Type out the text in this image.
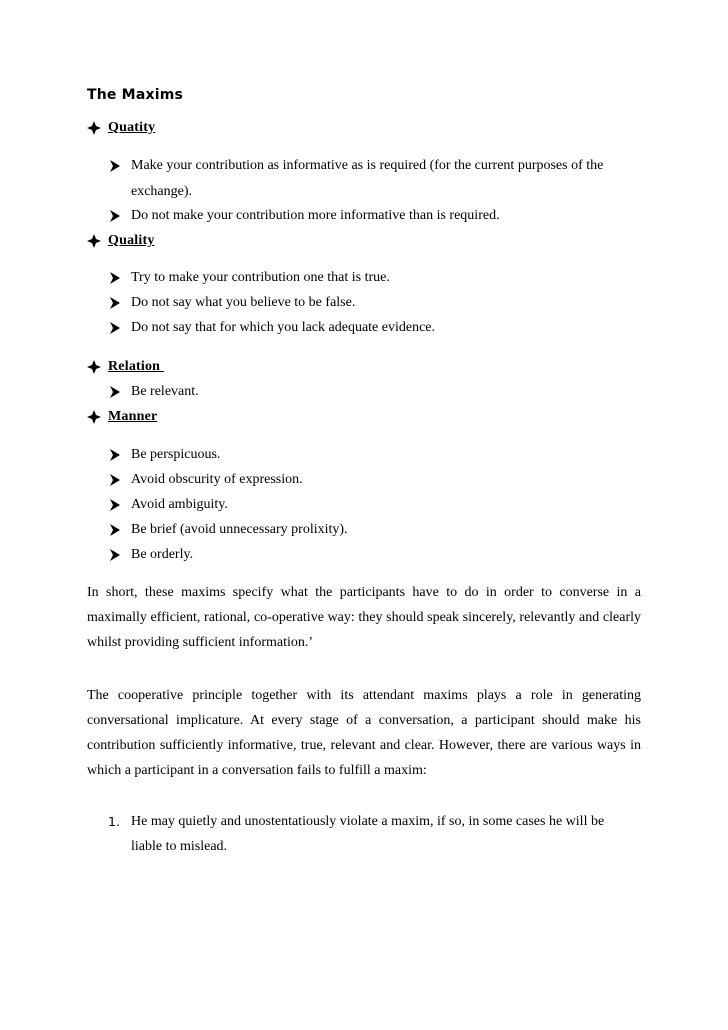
The Maxims
Quatity
Make your contribution as informative as is required (for the current purposes of the
exchange).
Do not make your contribution more informative than is required.
Quality
Try to make your contribution one that is true.
Do not say what you believe to be false.
Do not say that for which you lack adequate evidence.
Relation
Be relevant.
Manner
Be perspicuous.
Avoid obscurity of expression.
Avoid ambiguity.
Be brief (avoid unnecessary prolixity).
Be orderly.

In short, these maxims specify what the participants have to do in order to converse in a maximally efficient, rational, co-operative way: they should speak sincerely, relevantly and clearly whilst providing sufficient information.’

The cooperative principle together with its attendant maxims plays a role in generating conversational implicature. At every stage of a conversation, a participant should make his contribution sufficiently informative, true, relevant and clear. However, there are various ways in which a participant in a conversation fails to fulfill a maxim:

1. He may quietly and unostentatiously violate a maxim, if so, in some cases he will be
liable to mislead.
